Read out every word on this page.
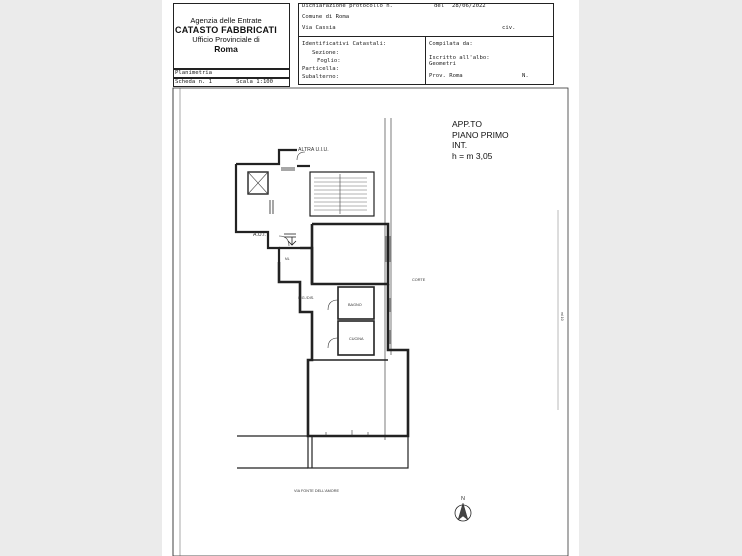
Agenzia delle Entrate
CATASTO FABBRICATI
Ufficio Provinciale di
Roma
Dichiarazione protocollo n.	del 28/06/2022
Comune di Roma
Via Cassia	civ.
Identificativi Catastali:
Sezione:
Foglio:
Particella:
Subalterno:
Compilata da:
Iscritto all'albo:
Geometri
Prov. Roma	N.
Planimetria
Scheda n. 1	Scala 1:100
APP.TO
PIANO PRIMO
INT.
h = m 3,05
ml 10
ALTRA U.I.U.
A.U.I.
ML
ING./DIS.
BAGNO
CUCINA
CORTE
VIA FONTE DELL'AMORE
N
